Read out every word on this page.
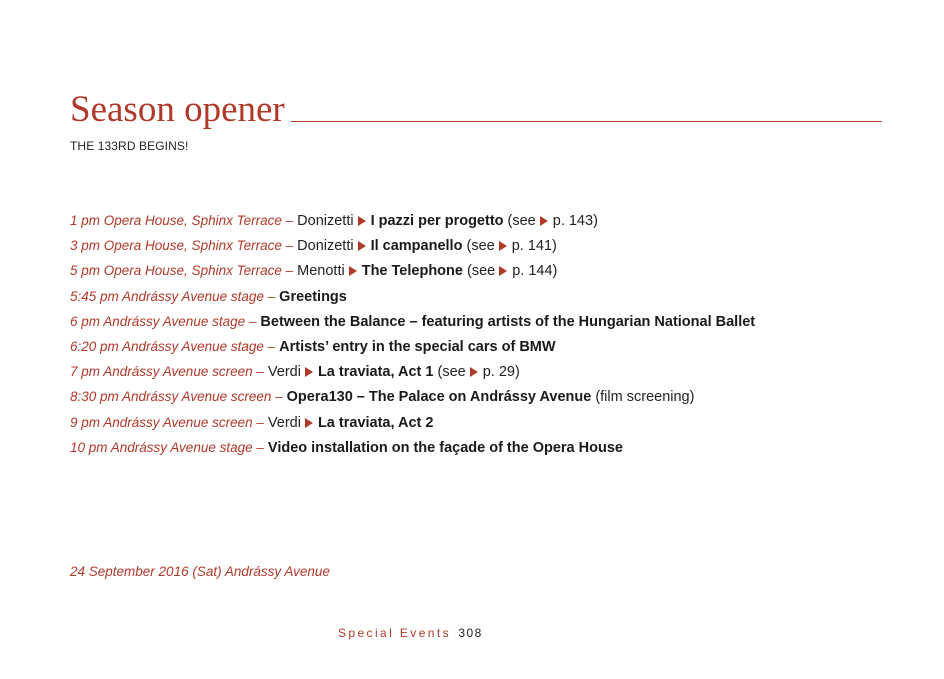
Season opener
THE 133RD BEGINS!
1 pm Opera House, Sphinx Terrace – Donizetti I pazzi per progetto (see p. 143)
3 pm Opera House, Sphinx Terrace – Donizetti Il campanello (see p. 141)
5 pm Opera House, Sphinx Terrace – Menotti The Telephone (see p. 144)
5:45 pm Andrássy Avenue stage – Greetings
6 pm Andrássy Avenue stage – Between the Balance – featuring artists of the Hungarian National Ballet
6:20 pm Andrássy Avenue stage – Artists’ entry in the special cars of BMW
7 pm Andrássy Avenue screen – Verdi La traviata, Act 1 (see p. 29)
8:30 pm Andrássy Avenue screen – Opera130 – The Palace on Andrássy Avenue (film screening)
9 pm Andrássy Avenue screen – Verdi La traviata, Act 2
10 pm Andrássy Avenue stage – Video installation on the façade of the Opera House
24 September 2016 (Sat) Andrássy Avenue
Special Events 308
